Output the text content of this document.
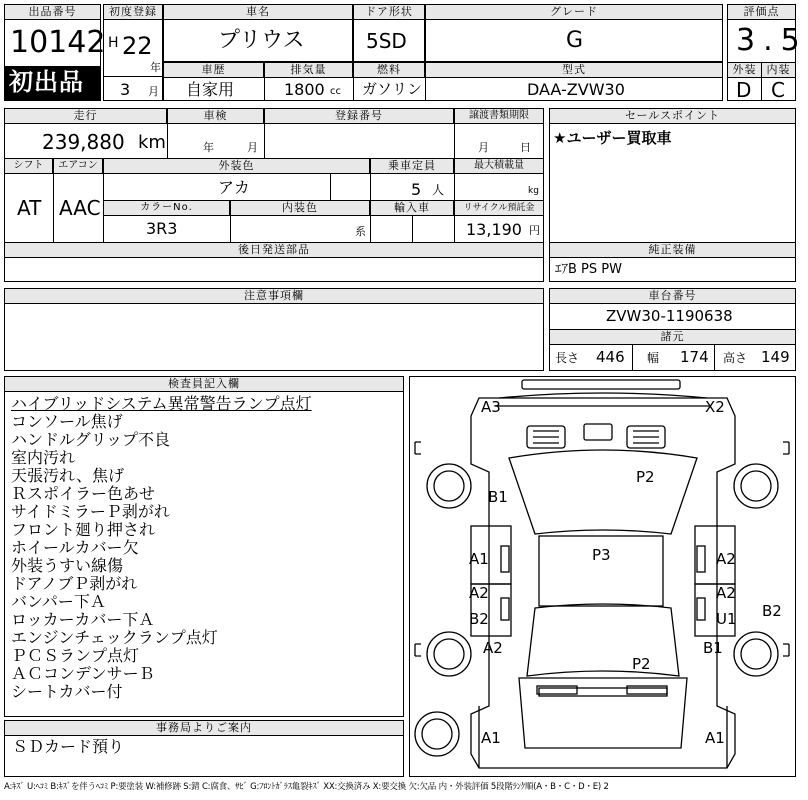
出品番号
10142
初出品
初度登録
H 22
年
3 月
車名
プリウス
ドア形状
5SD
グレード
G
評価点
3.5
外装 内装
D C
車歴
自家用
排気量
1800 cc
燃料
ガソリン
型式
DAA-ZVW30
走行
239,880 km
車検
年	月
登録番号	譲渡書類期限
月	日
シフト
AT
エアコン
AAC
外装色
アカ
乗車定員
5 人
最大積載量
kg
カラーNo.
3R3
内装色
系
輸入車	リサイクル預託金
13,190 円
後日発送部品
セールスポイント
★ユーザー買取車
純正装備
ｴｱB PS PW
注意事項欄	車台番号
ZVW30-1190638
諸元
長さ 446 幅 174 高さ 149
検査員記入欄
ハイブリッドシステム異常警告ランプ点灯
コンソール焦げ
ハンドルグリップ不良
室内汚れ
天張汚れ、焦げ
Ｒスポイラー色あせ
サイドミラーＰ剥がれ
フロント廻り押され
ホイールカバー欠
外装うすい線傷
ドアノブＰ剥がれ
バンパー下Ａ
ロッカーカバー下Ａ
エンジンチェックランプ点灯
ＰＣＳランプ点灯
ＡＣコンデンサーＢ
シートカバー付
事務局よりご案内
ＳＤカード預り
A3	X2
P2
B1
A1	P3	A2
A2	A2
B2	U1 B2
A2	B1
P2
A1	A1
A:ｷｽﾞ U:ﾍｺﾐ B:ｷｽﾞを伴うﾍｺﾐ P:要塗装 W:補修跡 S:錆 C:腐食、ｻﾋﾞ G:ﾌﾛﾝﾄｶﾞﾗｽ亀裂ｷｽﾞ XX:交換済み X:要交換 欠:欠品 内・外装評価 5段階ﾗﾝｸ順(A・B・C・D・E) 2
